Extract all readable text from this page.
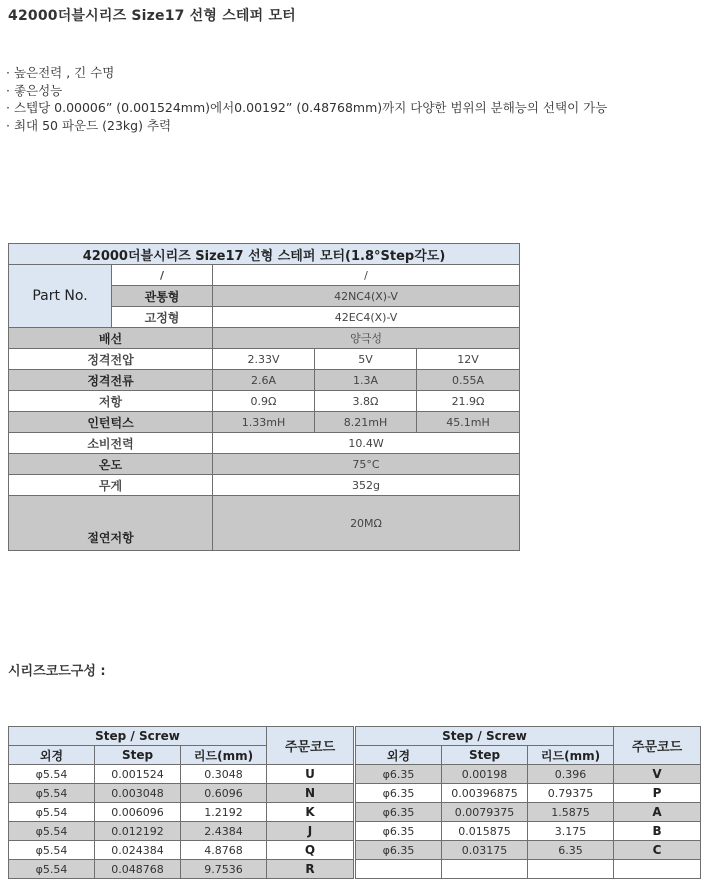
42000더블시리즈 Size17 선형 스테퍼 모터
· 높은전력 , 긴 수명
· 좋은성능
· 스텝당 0.00006” (0.001524mm)에서0.00192” (0.48768mm)까지 다양한 범위의 분해능의 선택이 가능
· 최대 50 파운드 (23kg) 추력
42000더블시리즈 Size17 선형 스테퍼 모터(1.8°Step각도)				
Part No.	/	/		
	관통형	42NC4(X)-V		
	고정형	42EC4(X)-V		
배선		양극성		
정격전압		2.33V	5V	12V
정격전류		2.6A	1.3A	0.55A
저항		0.9Ω	3.8Ω	21.9Ω
인턴턱스		1.33mH	8.21mH	45.1mH
소비전력		10.4W		
온도		75°C		
무게		352g		
절연저항		20MΩ		
시리즈코드구성 :
Step / Screw			주문코드
외경	Step	리드(mm)	
φ5.54	0.001524	0.3048	U
φ5.54	0.003048	0.6096	N
φ5.54	0.006096	1.2192	K
φ5.54	0.012192	2.4384	J
φ5.54	0.024384	4.8768	Q
φ5.54	0.048768	9.7536	R
Step / Screw			주문코드
외경	Step	리드(mm)	
φ6.35	0.00198	0.396	V
φ6.35	0.00396875	0.79375	P
φ6.35	0.0079375	1.5875	A
φ6.35	0.015875	3.175	B
φ6.35	0.03175	6.35	C
